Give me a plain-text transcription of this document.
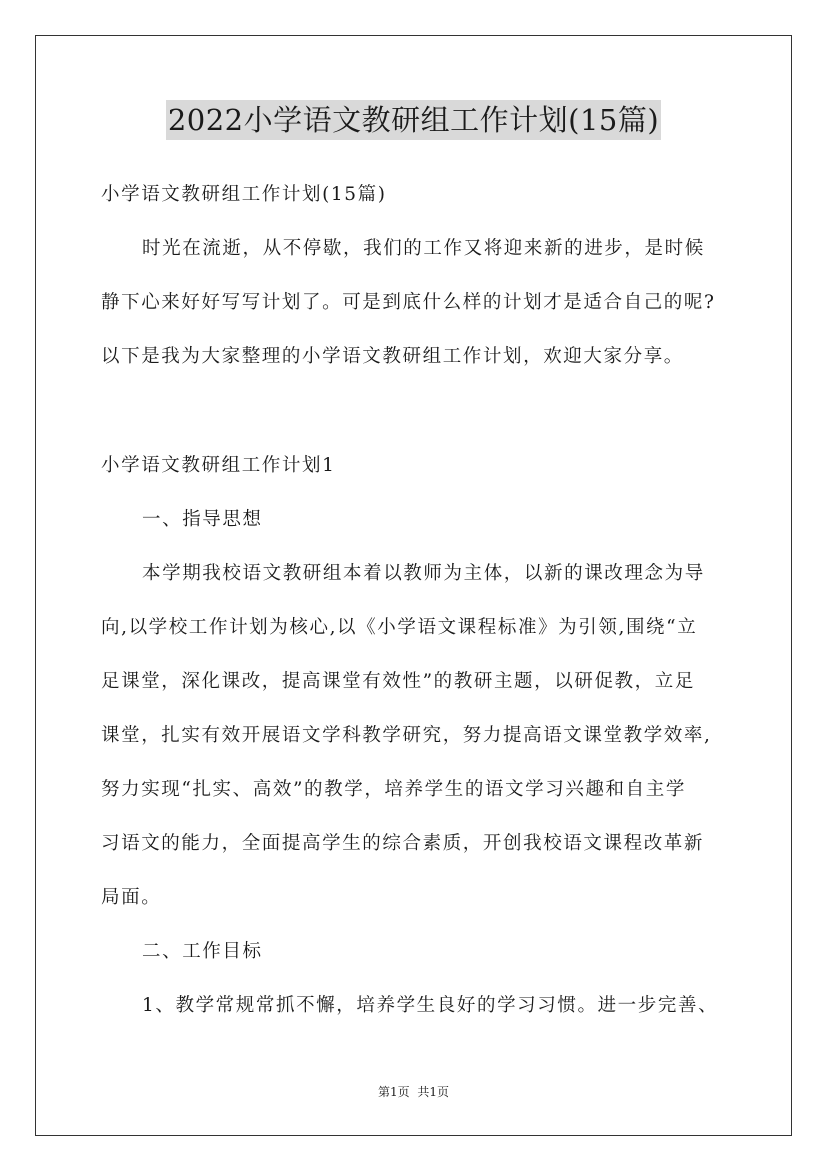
2022小学语文教研组工作计划(15篇)
小学语文教研组工作计划(15篇)
时光在流逝，从不停歇，我们的工作又将迎来新的进步，是时候
静下心来好好写写计划了。可是到底什么样的计划才是适合自己的呢?
以下是我为大家整理的小学语文教研组工作计划，欢迎大家分享。
小学语文教研组工作计划1
一、指导思想
本学期我校语文教研组本着以教师为主体，以新的课改理念为导
向,以学校工作计划为核心,以《小学语文课程标准》为引领,围绕“立
足课堂，深化课改，提高课堂有效性”的教研主题，以研促教，立足
课堂，扎实有效开展语文学科教学研究，努力提高语文课堂教学效率,
努力实现“扎实、高效”的教学，培养学生的语文学习兴趣和自主学
习语文的能力，全面提高学生的综合素质，开创我校语文课程改革新
局面。
二、工作目标
1、教学常规常抓不懈，培养学生良好的学习习惯。进一步完善、
第1页 共1页
